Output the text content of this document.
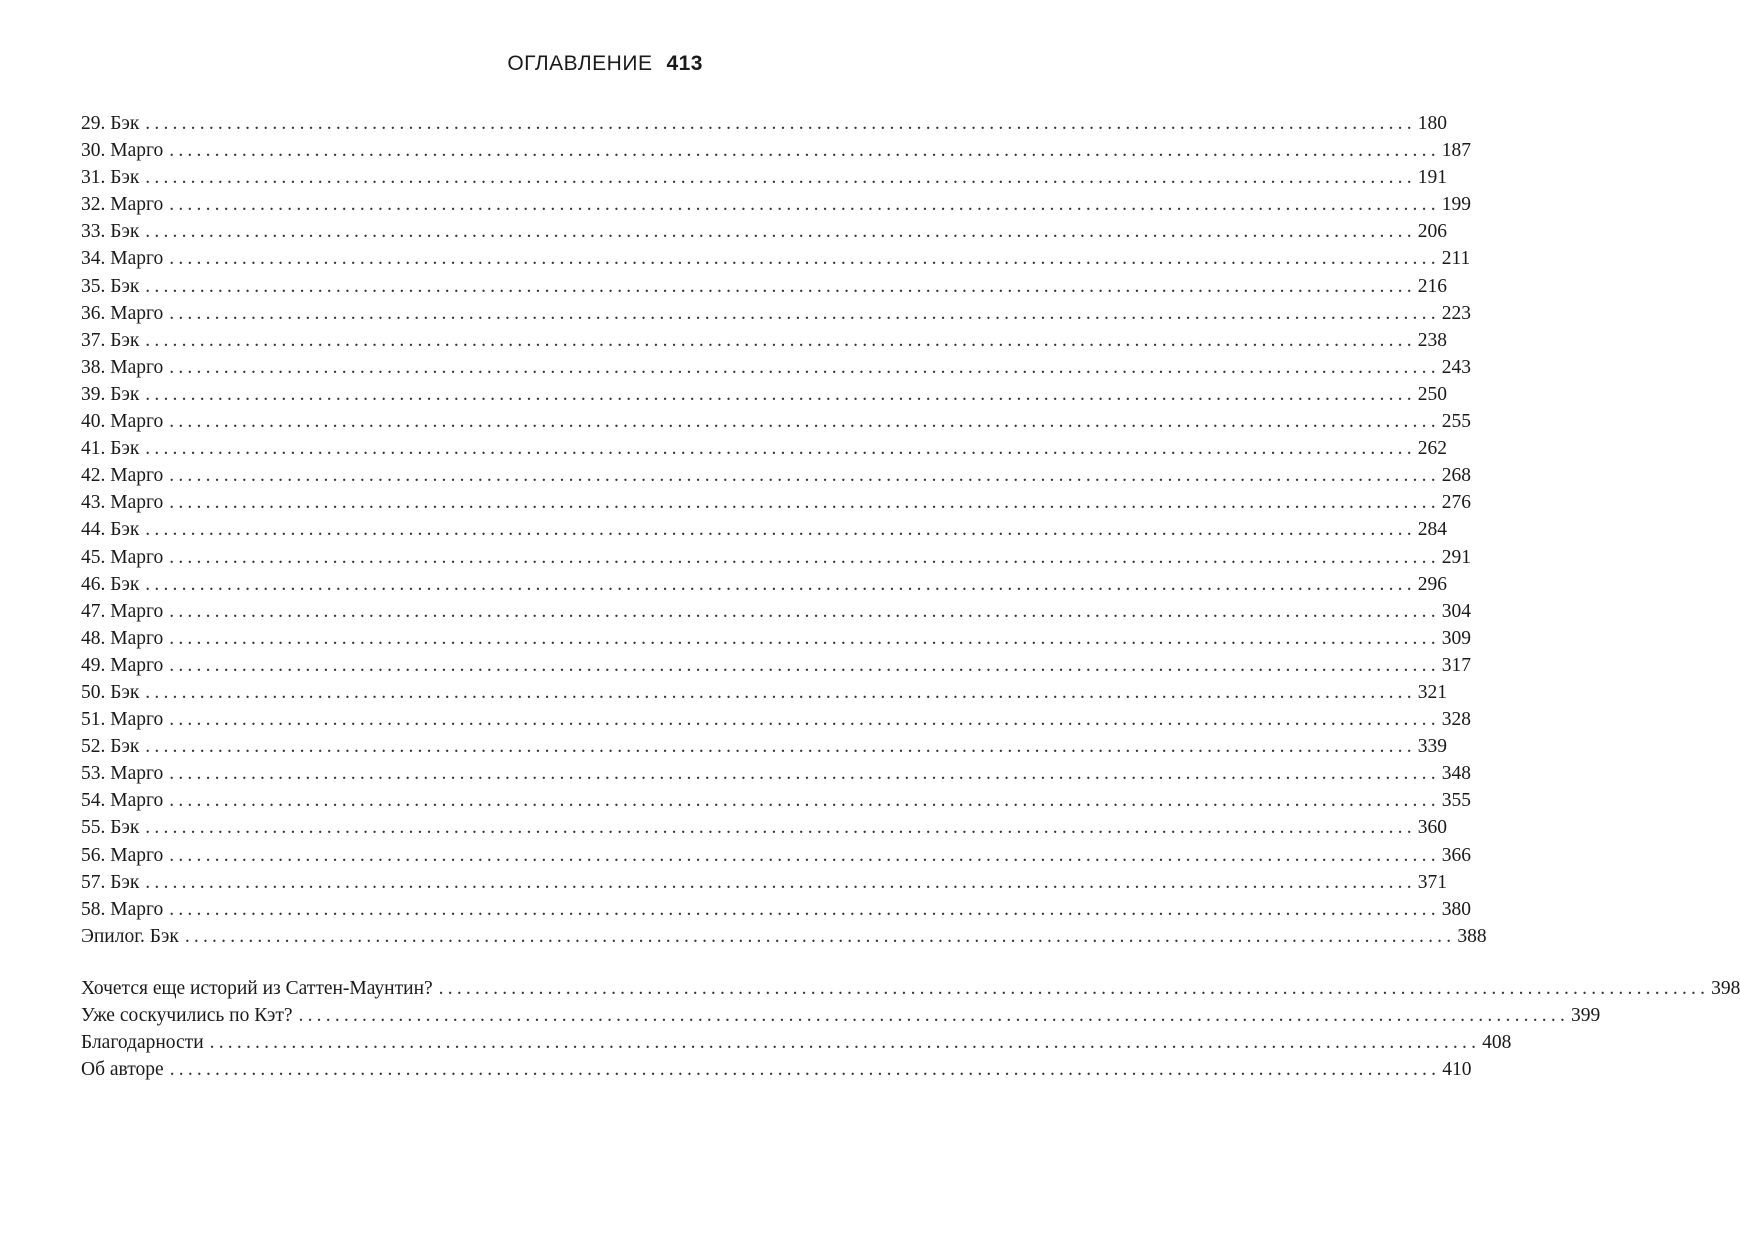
ОГЛАВЛЕНИЕ 413
29. Бэк ............................................................................................................................................ 180
30. Марго ............................................................................................................................................ 187
31. Бэк ............................................................................................................................................ 191
32. Марго ............................................................................................................................................ 199
33. Бэк ............................................................................................................................................ 206
34. Марго ............................................................................................................................................ 211
35. Бэк ............................................................................................................................................ 216
36. Марго ............................................................................................................................................ 223
37. Бэк ............................................................................................................................................ 238
38. Марго ............................................................................................................................................ 243
39. Бэк ............................................................................................................................................ 250
40. Марго ............................................................................................................................................ 255
41. Бэк ............................................................................................................................................ 262
42. Марго ............................................................................................................................................ 268
43. Марго ............................................................................................................................................ 276
44. Бэк ............................................................................................................................................ 284
45. Марго ............................................................................................................................................ 291
46. Бэк ............................................................................................................................................ 296
47. Марго ............................................................................................................................................ 304
48. Марго ............................................................................................................................................ 309
49. Марго ............................................................................................................................................ 317
50. Бэк ............................................................................................................................................ 321
51. Марго ............................................................................................................................................ 328
52. Бэк ............................................................................................................................................ 339
53. Марго ............................................................................................................................................ 348
54. Марго ............................................................................................................................................ 355
55. Бэк ............................................................................................................................................ 360
56. Марго ............................................................................................................................................ 366
57. Бэк ............................................................................................................................................ 371
58. Марго ............................................................................................................................................ 380
Эпилог. Бэк ............................................................................................................................................ 388
Хочется еще историй из Саттен-Маунтин? ............................................................................................................................................ 398
Уже соскучились по Кэт? ............................................................................................................................................ 399
Благодарности ............................................................................................................................................ 408
Об авторе ............................................................................................................................................ 410
